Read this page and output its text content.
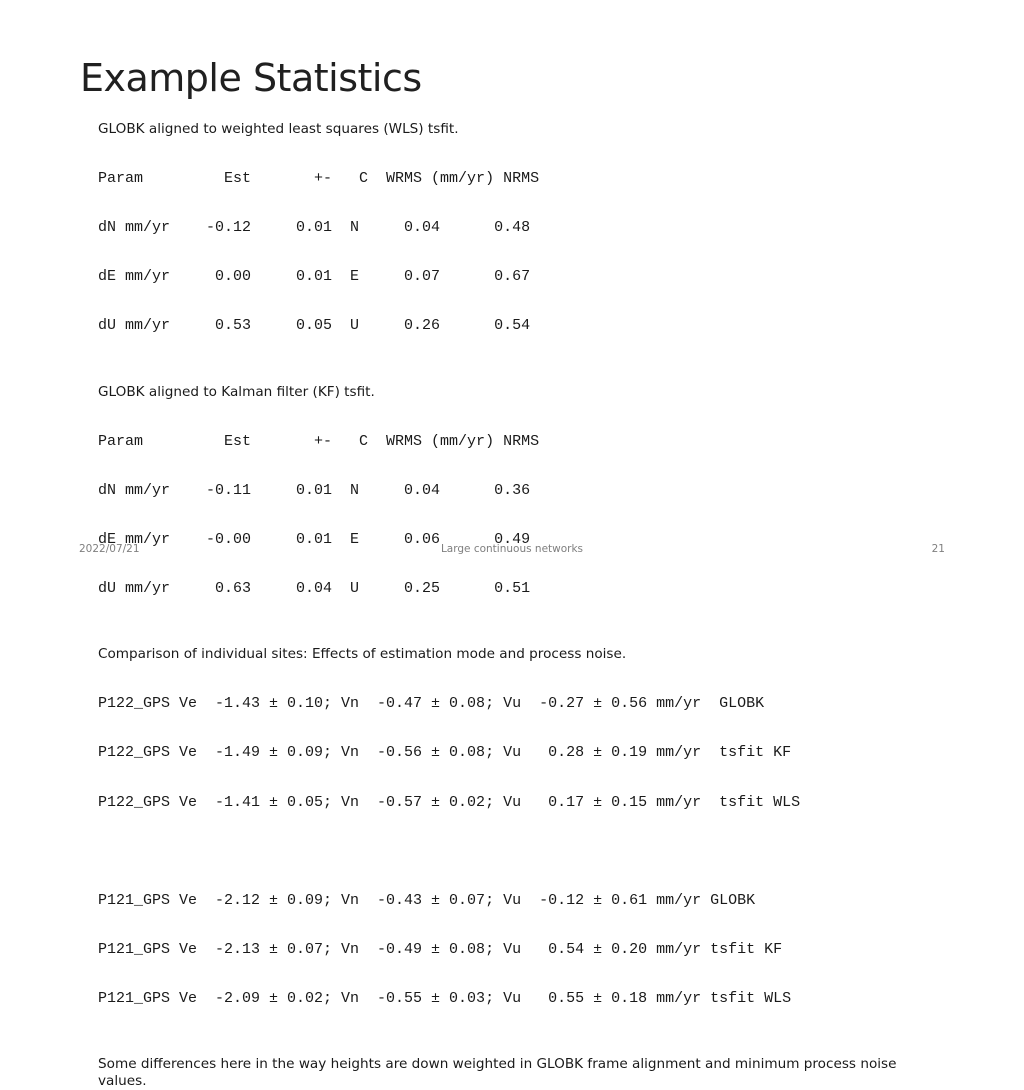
Example Statistics
GLOBK aligned to weighted least squares (WLS) tsfit.

Param         Est       +-   C  WRMS (mm/yr) NRMS

dN mm/yr    -0.12     0.01  N     0.04      0.48

dE mm/yr     0.00     0.01  E     0.07      0.67

dU mm/yr     0.53     0.05  U     0.26      0.54

GLOBK aligned to Kalman filter (KF) tsfit.

Param         Est       +-   C  WRMS (mm/yr) NRMS

dN mm/yr    -0.11     0.01  N     0.04      0.36

dE mm/yr    -0.00     0.01  E     0.06      0.49

dU mm/yr     0.63     0.04  U     0.25      0.51

Comparison of individual sites: Effects of estimation mode and process noise.

P122_GPS Ve  -1.43 ± 0.10; Vn  -0.47 ± 0.08; Vu  -0.27 ± 0.56 mm/yr  GLOBK

P122_GPS Ve  -1.49 ± 0.09; Vn  -0.56 ± 0.08; Vu   0.28 ± 0.19 mm/yr  tsfit KF

P122_GPS Ve  -1.41 ± 0.05; Vn  -0.57 ± 0.02; Vu   0.17 ± 0.15 mm/yr  tsfit WLS

P121_GPS Ve  -2.12 ± 0.09; Vn  -0.43 ± 0.07; Vu  -0.12 ± 0.61 mm/yr GLOBK

P121_GPS Ve  -2.13 ± 0.07; Vn  -0.49 ± 0.08; Vu   0.54 ± 0.20 mm/yr tsfit KF

P121_GPS Ve  -2.09 ± 0.02; Vn  -0.55 ± 0.03; Vu   0.55 ± 0.18 mm/yr tsfit WLS

Some differences here in the way heights are down weighted in GLOBK frame alignment and minimum process noise values.
2022/07/21	Large continuous networks	21
